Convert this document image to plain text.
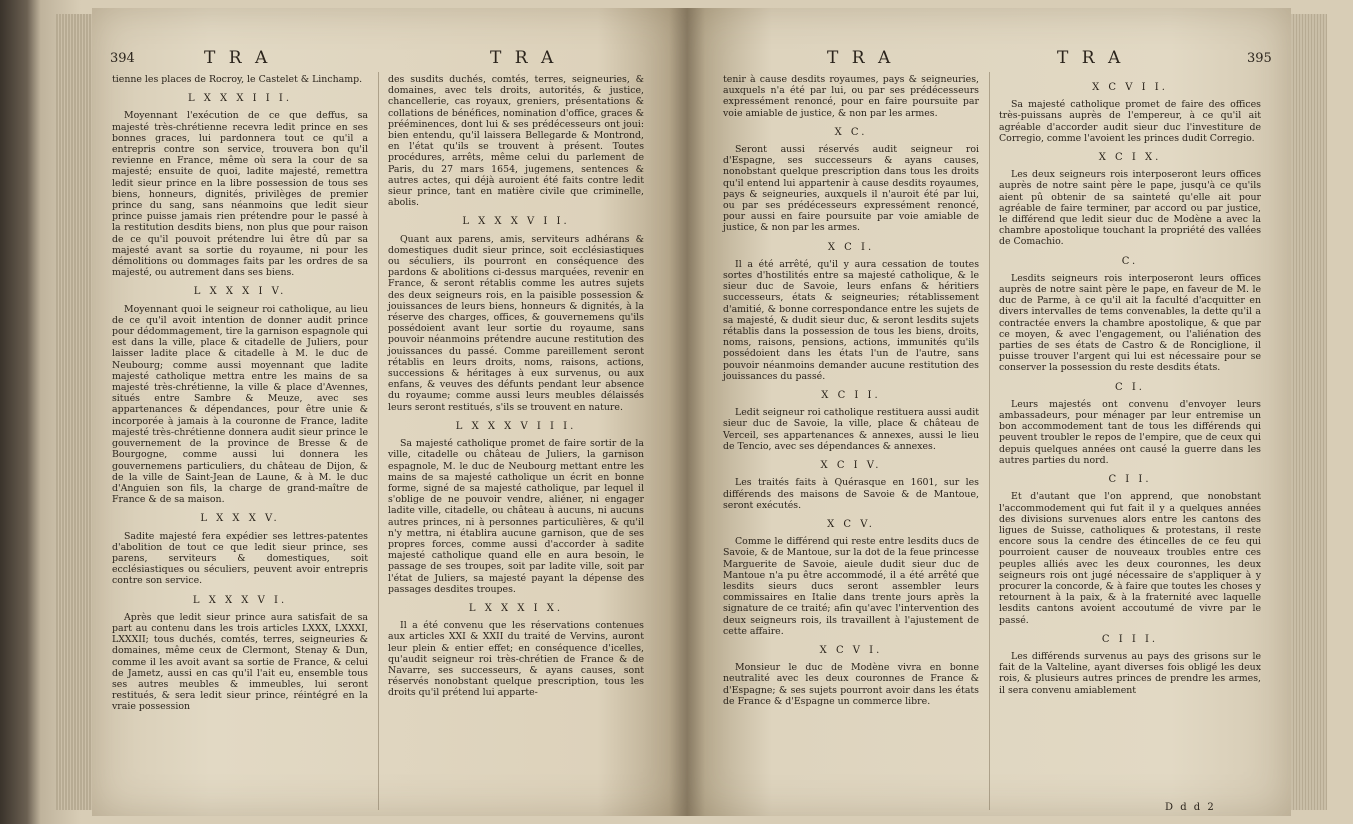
394	T R A	T R A

tienne les places de Rocroy, le Castelet & Linchamp.

L X X X I I I.

Moyennant l'exécution de ce que deffus, sa majesté très-chrétienne recevra ledit prince en ses bonnes graces, lui pardonnera tout ce qu'il a entrepris contre son service, trouvera bon qu'il revienne en France, même où sera la cour de sa majesté; ensuite de quoi, ladite majesté, remettra ledit sieur prince en la libre possession de tous ses biens, honneurs, dignités, privilèges de premier prince du sang, sans néanmoins que ledit sieur prince puisse jamais rien prétendre pour le passé à la restitution desdits biens, non plus que pour raison de ce qu'il pouvoit prétendre lui être dû par sa majesté avant sa sortie du royaume, ni pour les démolitions ou dommages faits par les ordres de sa majesté, ou autrement dans ses biens.

L X X X I V.

Moyennant quoi le seigneur roi catholique, au lieu de ce qu'il avoit intention de donner audit prince pour dédommagement, tire la garnison espagnole qui est dans la ville, place & citadelle de Juliers, pour laisser ladite place & citadelle à M. le duc de Neubourg; comme aussi moyennant que ladite majesté catholique mettra entre les mains de sa majesté très-chrétienne, la ville & place d'Avennes, situés entre Sambre & Meuze, avec ses appartenances & dépendances, pour être unie & incorporée à jamais à la couronne de France, ladite majesté très-chrétienne donnera audit sieur prince le gouvernement de la province de Bresse & de Bourgogne, comme aussi lui donnera les gouvernemens particuliers, du château de Dijon, & de la ville de Saint-Jean de Laune, & à M. le duc d'Anguien son fils, la charge de grand-maître de France & de sa maison.

L X X X V.

Sadite majesté fera expédier ses lettres-patentes d'abolition de tout ce que ledit sieur prince, ses parens, serviteurs & domestiques, soit ecclésiastiques ou séculiers, peuvent avoir entrepris contre son service.

L X X X V I.

Après que ledit sieur prince aura satisfait de sa part au contenu dans les trois articles LXXX, LXXXI, LXXXII; tous duchés, comtés, terres, seigneuries & domaines, même ceux de Clermont, Stenay & Dun, comme il les avoit avant sa sortie de France, & celui de Jametz, aussi en cas qu'il l'ait eu, ensemble tous ses autres meubles & immeubles, lui seront restitués, & sera ledit sieur prince, réintégré en la vraie possession

des susdits duchés, comtés, terres, seigneuries, & domaines, avec tels droits, autorités, & justice, chancellerie, cas royaux, greniers, présentations & collations de bénéfices, nomination d'office, graces & prééminences, dont lui & ses prédécesseurs ont joui: bien entendu, qu'il laissera Bellegarde & Montrond, en l'état qu'ils se trouvent à présent. Toutes procédures, arrêts, même celui du parlement de Paris, du 27 mars 1654, jugemens, sentences & autres actes, qui déjà auroient été faits contre ledit sieur prince, tant en matière civile que criminelle, abolis.

L X X X V I I.

Quant aux parens, amis, serviteurs adhérans & domestiques dudit sieur prince, soit ecclésiastiques ou séculiers, ils pourront en conséquence des pardons & abolitions ci-dessus marquées, revenir en France, & seront rétablis comme les autres sujets des deux seigneurs rois, en la paisible possession & jouissances de leurs biens, honneurs & dignités, à la réserve des charges, offices, & gouvernemens qu'ils possédoient avant leur sortie du royaume, sans pouvoir néanmoins prétendre aucune restitution des jouissances du passé. Comme pareillement seront rétablis en leurs droits, noms, raisons, actions, successions & héritages à eux survenus, ou aux enfans, & veuves des défunts pendant leur absence du royaume; comme aussi leurs meubles délaissés leurs seront restitués, s'ils se trouvent en nature.

L X X X V I I I.

Sa majesté catholique promet de faire sortir de la ville, citadelle ou château de Juliers, la garnison espagnole, M. le duc de Neubourg mettant entre les mains de sa majesté catholique un écrit en bonne forme, signé de sa majesté catholique, par lequel il s'oblige de ne pouvoir vendre, aliéner, ni engager ladite ville, citadelle, ou château à aucuns, ni aucuns autres princes, ni à personnes particulières, & qu'il n'y mettra, ni établira aucune garnison, que de ses propres forces, comme aussi d'accorder à sadite majesté catholique quand elle en aura besoin, le passage de ses troupes, soit par ladite ville, soit par l'état de Juliers, sa majesté payant la dépense des passages desdites troupes.

L X X X I X.

Il a été convenu que les réservations contenues aux articles XXI & XXII du traité de Vervins, auront leur plein & entier effet; en conséquence d'icelles, qu'audit seigneur roi très-chrétien de France & de Navarre, ses successeurs, & ayans causes, sont réservés nonobstant quelque prescription, tous les droits qu'il prétend lui apparte-

T R A	T R A	395

tenir à cause desdits royaumes, pays & seigneuries, auxquels n'a été par lui, ou par ses prédécesseurs expressément renoncé, pour en faire poursuite par voie amiable de justice, & non par les armes.

X C.

Seront aussi réservés audit seigneur roi d'Espagne, ses successeurs & ayans causes, nonobstant quelque prescription dans tous les droits qu'il entend lui appartenir à cause desdits royaumes, pays & seigneuries, auxquels il n'auroit été par lui, ou par ses prédécesseurs expressément renoncé, pour aussi en faire poursuite par voie amiable de justice, & non par les armes.

X C I.

Il a été arrêté, qu'il y aura cessation de toutes sortes d'hostilités entre sa majesté catholique, & le sieur duc de Savoie, leurs enfans & héritiers successeurs, états & seigneuries; rétablissement d'amitié, & bonne correspondance entre les sujets de sa majesté, & dudit sieur duc, & seront lesdits sujets rétablis dans la possession de tous les biens, droits, noms, raisons, pensions, actions, immunités qu'ils possédoient dans les états l'un de l'autre, sans pouvoir néanmoins demander aucune restitution des jouissances du passé.

X C I I.

Ledit seigneur roi catholique restituera aussi audit sieur duc de Savoie, la ville, place & château de Verceil, ses appartenances & annexes, aussi le lieu de Tencio, avec ses dépendances & annexes.

X C I V.

Les traités faits à Quérasque en 1601, sur les différends des maisons de Savoie & de Mantoue, seront exécutés.

X C V.

Comme le différend qui reste entre lesdits ducs de Savoie, & de Mantoue, sur la dot de la feue princesse Marguerite de Savoie, aieule dudit sieur duc de Mantoue n'a pu être accommodé, il a été arrêté que lesdits sieurs ducs seront assembler leurs commissaires en Italie dans trente jours après la signature de ce traité; afin qu'avec l'intervention des deux seigneurs rois, ils travaillent à l'ajustement de cette affaire.

X C V I.

Monsieur le duc de Modène vivra en bonne neutralité avec les deux couronnes de France & d'Espagne; & ses sujets pourront avoir dans les états de France & d'Espagne un commerce libre.

X C V I I.

Sa majesté catholique promet de faire des offices très-puissans auprès de l'empereur, à ce qu'il ait agréable d'accorder audit sieur duc l'investiture de Corregio, comme l'avoient les princes dudit Corregio.

X C I X.

Les deux seigneurs rois interposeront leurs offices auprès de notre saint père le pape, jusqu'à ce qu'ils aient pû obtenir de sa sainteté qu'elle ait pour agréable de faire terminer, par accord ou par justice, le différend que ledit sieur duc de Modène a avec la chambre apostolique touchant la propriété des vallées de Comachio.

C.

Lesdits seigneurs rois interposeront leurs offices auprès de notre saint père le pape, en faveur de M. le duc de Parme, à ce qu'il ait la faculté d'acquitter en divers intervalles de tems convenables, la dette qu'il a contractée envers la chambre apostolique, & que par ce moyen, & avec l'engagement, ou l'aliénation des parties de ses états de Castro & de Ronciglione, il puisse trouver l'argent qui lui est nécessaire pour se conserver la possession du reste desdits états.

C I.

Leurs majestés ont convenu d'envoyer leurs ambassadeurs, pour ménager par leur entremise un bon accommodement tant de tous les différends qui peuvent troubler le repos de l'empire, que de ceux qui depuis quelques années ont causé la guerre dans les autres parties du nord.

C I I.

Et d'autant que l'on apprend, que nonobstant l'accommodement qui fut fait il y a quelques années des divisions survenues alors entre les cantons des ligues de Suisse, catholiques & protestans, il reste encore sous la cendre des étincelles de ce feu qui pourroient causer de nouveaux troubles entre ces peuples alliés avec les deux couronnes, les deux seigneurs rois ont jugé nécessaire de s'appliquer à y procurer la concorde, & à faire que toutes les choses y retournent à la paix, & à la fraternité avec laquelle lesdits cantons avoient accoutumé de vivre par le passé.

C I I I.

Les différends survenus au pays des grisons sur le fait de la Valteline, ayant diverses fois obligé les deux rois, & plusieurs autres princes de prendre les armes, il sera convenu amiablement

D d d 2
